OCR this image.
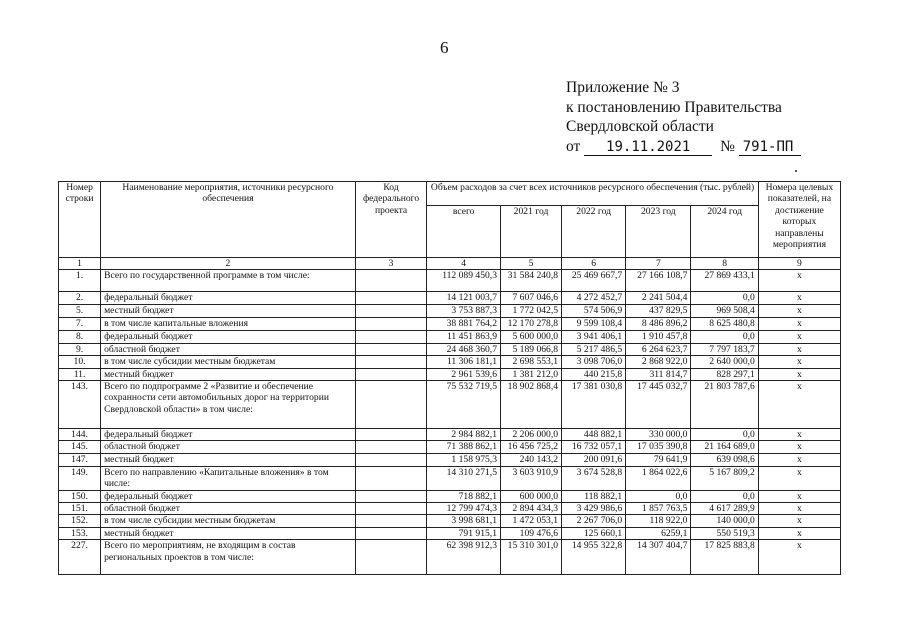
6
Приложение № 3
к постановлению Правительства
Свердловской области
от 19.11.2021 № 791-ПП
Номер строки	Наименование мероприятия, источники ресурсного обеспечения	Код федерального проекта	Объем расходов за счет всех источников ресурсного обеспечения (тыс. рублей)					Номера целевых показателей, на достижение которых направлены мероприятия
			всего	2021 год	2022 год	2023 год	2024 год	
1	2	3	4	5	6	7	8	9
1.	Всего по государственной программе в том числе:		112 089 450,3	31 584 240,8	25 469 667,7	27 166 108,7	27 869 433,1	x
2.	федеральный бюджет		14 121 003,7	7 607 046,6	4 272 452,7	2 241 504,4	0,0	x
5.	местный бюджет		3 753 887,3	1 772 042,5	574 506,9	437 829,5	969 508,4	x
7.	в том числе капитальные вложения		38 881 764,2	12 170 278,8	9 599 108,4	8 486 896,2	8 625 480,8	x
8.	федеральный бюджет		11 451 863,9	5 600 000,0	3 941 406,1	1 910 457,8	0,0	x
9.	областной бюджет		24 468 360,7	5 189 066,8	5 217 486,5	6 264 623,7	7 797 183,7	x
10.	в том числе субсидии местным бюджетам		11 306 181,1	2 698 553,1	3 098 706,0	2 868 922,0	2 640 000,0	x
11.	местный бюджет		2 961 539,6	1 381 212,0	440 215,8	311 814,7	828 297,1	x
143.	Всего по подпрограмме 2 «Развитие и обеспечение сохранности сети автомобильных дорог на территории Свердловской области» в том числе:		75 532 719,5	18 902 868,4	17 381 030,8	17 445 032,7	21 803 787,6	x
144.	федеральный бюджет		2 984 882,1	2 206 000,0	448 882,1	330 000,0	0,0	x
145.	областной бюджет		71 388 862,1	16 456 725,2	16 732 057,1	17 035 390,8	21 164 689,0	x
147.	местный бюджет		1 158 975,3	240 143,2	200 091,6	79 641,9	639 098,6	x
149.	Всего по направлению «Капитальные вложения» в том числе:		14 310 271,5	3 603 910,9	3 674 528,8	1 864 022,6	5 167 809,2	x
150.	федеральный бюджет		718 882,1	600 000,0	118 882,1	0,0	0,0	x
151.	областной бюджет		12 799 474,3	2 894 434,3	3 429 986,6	1 857 763,5	4 617 289,9	x
152.	в том числе субсидии местным бюджетам		3 998 681,1	1 472 053,1	2 267 706,0	118 922,0	140 000,0	x
153.	местный бюджет		791 915,1	109 476,6	125 660,1	6259,1	550 519,3	x
227.	Всего по мероприятиям, не входящим в состав региональных проектов в том числе:		62 398 912,3	15 310 301,0	14 955 322,8	14 307 404,7	17 825 883,8	x
